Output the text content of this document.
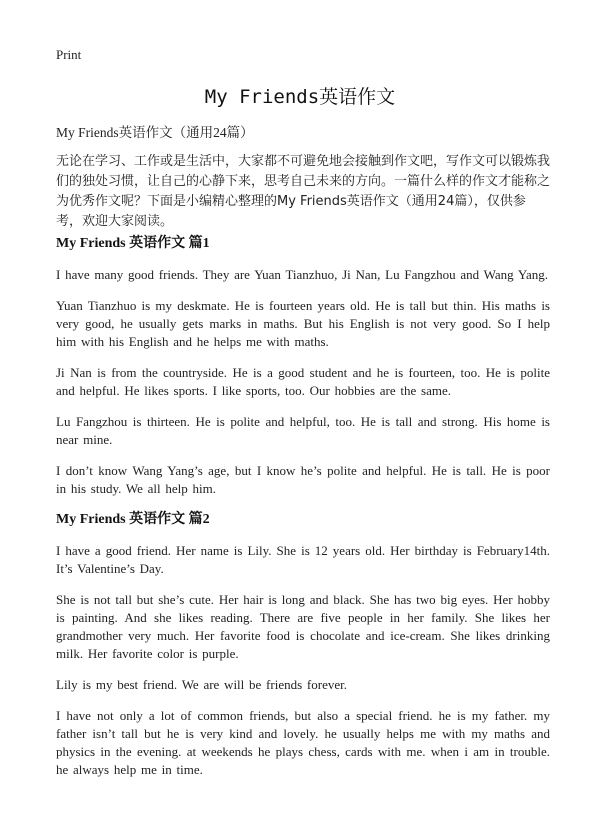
Print
My Friends英语作文
My Friends英语作文（通用24篇）

无论在学习、工作或是生活中，大家都不可避免地会接触到作文吧，写作文可以锻炼我们的独处习惯，让自己的心静下来，思考自己未来的方向。一篇什么样的作文才能称之为优秀作文呢？下面是小编精心整理的My Friends英语作文（通用24篇），仅供参考，欢迎大家阅读。

My Friends 英语作文 篇1

I have many good friends. They are Yuan Tianzhuo, Ji Nan, Lu Fangzhou and Wang Yang.

Yuan Tianzhuo is my deskmate. He is fourteen years old. He is tall but thin. His maths is very good, he usually gets marks in maths. But his English is not very good. So I help him with his English and he helps me with maths.

Ji Nan is from the countryside. He is a good student and he is fourteen, too. He is polite and helpful. He likes sports. I like sports, too. Our hobbies are the same.

Lu Fangzhou is thirteen. He is polite and helpful, too. He is tall and strong. His home is near mine.

I don’t know Wang Yang’s age, but I know he’s polite and helpful. He is tall. He is poor in his study. We all help him.

My Friends 英语作文 篇2

I have a good friend. Her name is Lily. She is 12 years old. Her birthday is February14th. It’s Valentine’s Day.

She is not tall but she’s cute. Her hair is long and black. She has two big eyes. Her hobby is painting. And she likes reading. There are five people in her family. She likes her grandmother very much. Her favorite food is chocolate and ice-cream. She likes drinking milk. Her favorite color is purple.

Lily is my best friend. We are will be friends forever.

I have not only a lot of common friends, but also a special friend. he is my father. my father isn’t tall but he is very kind and lovely. he usually helps me with my maths and physics in the evening. at weekends he plays chess, cards with me. when i am in trouble. he always help me in time.
